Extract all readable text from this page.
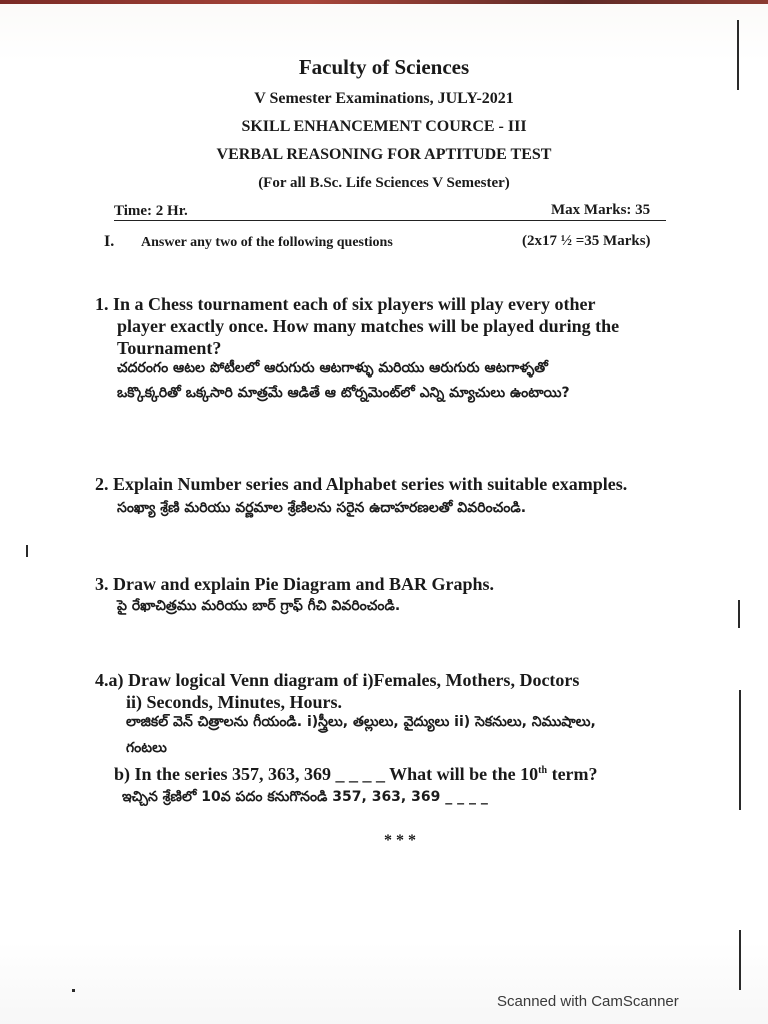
Faculty of Sciences
V Semester Examinations, JULY-2021
SKILL ENHANCEMENT COURCE - III
VERBAL REASONING FOR APTITUDE TEST
(For all B.Sc. Life Sciences V Semester)
Time: 2 Hr.	Max Marks: 35
I. Answer any two of the following questions	(2x17 ½ =35 Marks)
1. In a Chess tournament each of six players will play every other
player exactly once. How many matches will be played during the
Tournament?
చదరంగం ఆటల పోటీలలో ఆరుగురు ఆటగాళ్ళు మరియు ఆరుగురు ఆటగాళ్ళతో
ఒక్కొక్కరితో ఒక్కసారి మాత్రమే ఆడితే ఆ టోర్నమెంట్‌లో ఎన్ని మ్యాచులు ఉంటాయి?
2. Explain Number series and Alphabet series with suitable examples.
సంఖ్యా శ్రేణి మరియు వర్ణమాల శ్రేణిలను సరైన ఉదాహరణలతో వివరించండి.
3. Draw and explain Pie Diagram and BAR Graphs.
పై రేఖాచిత్రము మరియు బార్ గ్రాఫ్ గీచి వివరించండి.
4.a) Draw logical Venn diagram of i)Females, Mothers, Doctors
ii) Seconds, Minutes, Hours.
లాజికల్ వెన్ చిత్రాలను గీయండి. i)స్త్రీలు, తల్లులు, వైద్యులు ii) సెకనులు, నిముషాలు,
గంటలు
b) In the series 357, 363, 369 _ _ _ _ What will be the 10th term?
ఇచ్చిన శ్రేణిలో 10వ పదం కనుగొనండి 357, 363, 369 _ _ _ _
* * *
Scanned with CamScanner
